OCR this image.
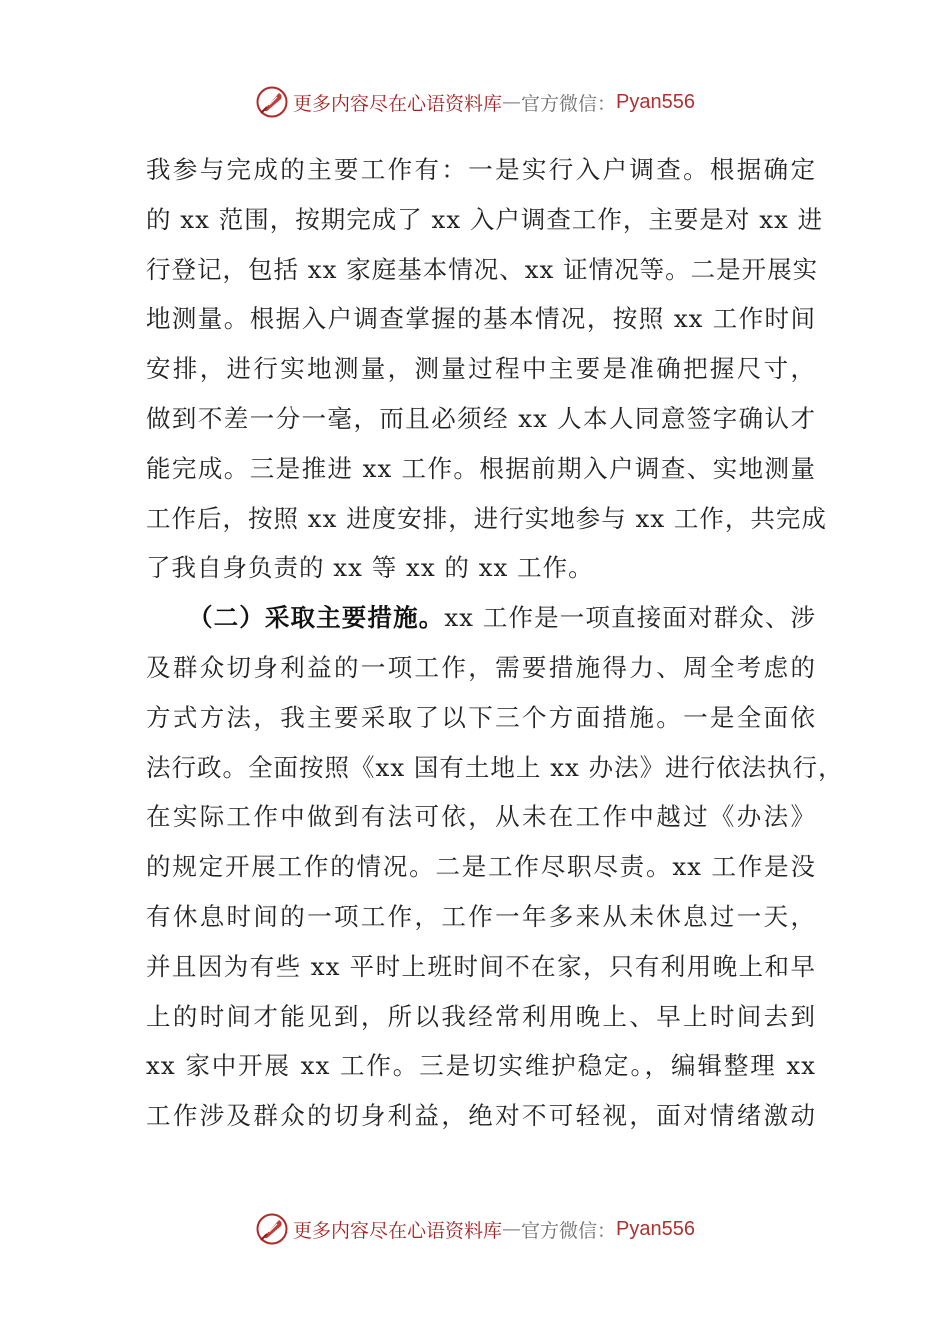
更多内容尽在心语资料库 — 官方微信： Pyan556
我参与完成的主要工作有：一是实行入户调查。根据确定
的 xx 范围，按期完成了 xx 入户调查工作，主要是对 xx 进
行登记，包括 xx 家庭基本情况、xx 证情况等。二是开展实
地测量。根据入户调查掌握的基本情况，按照 xx 工作时间
安排，进行实地测量，测量过程中主要是准确把握尺寸，
做到不差一分一毫，而且必须经 xx 人本人同意签字确认才
能完成。三是推进 xx 工作。根据前期入户调查、实地测量
工作后，按照 xx 进度安排，进行实地参与 xx 工作，共完成
了我自身负责的 xx 等 xx 的 xx 工作。
（二）采取主要措施。xx 工作是一项直接面对群众、涉
及群众切身利益的一项工作，需要措施得力、周全考虑的
方式方法，我主要采取了以下三个方面措施。一是全面依
法行政。全面按照《xx 国有土地上 xx 办法》进行依法执行，
在实际工作中做到有法可依，从未在工作中越过《办法》
的规定开展工作的情况。二是工作尽职尽责。xx 工作是没
有休息时间的一项工作，工作一年多来从未休息过一天，
并且因为有些 xx 平时上班时间不在家，只有利用晚上和早
上的时间才能见到，所以我经常利用晚上、早上时间去到
xx 家中开展 xx 工作。三是切实维护稳定。，编辑整理 xx
工作涉及群众的切身利益，绝对不可轻视，面对情绪激动
更多内容尽在心语资料库 — 官方微信： Pyan556
